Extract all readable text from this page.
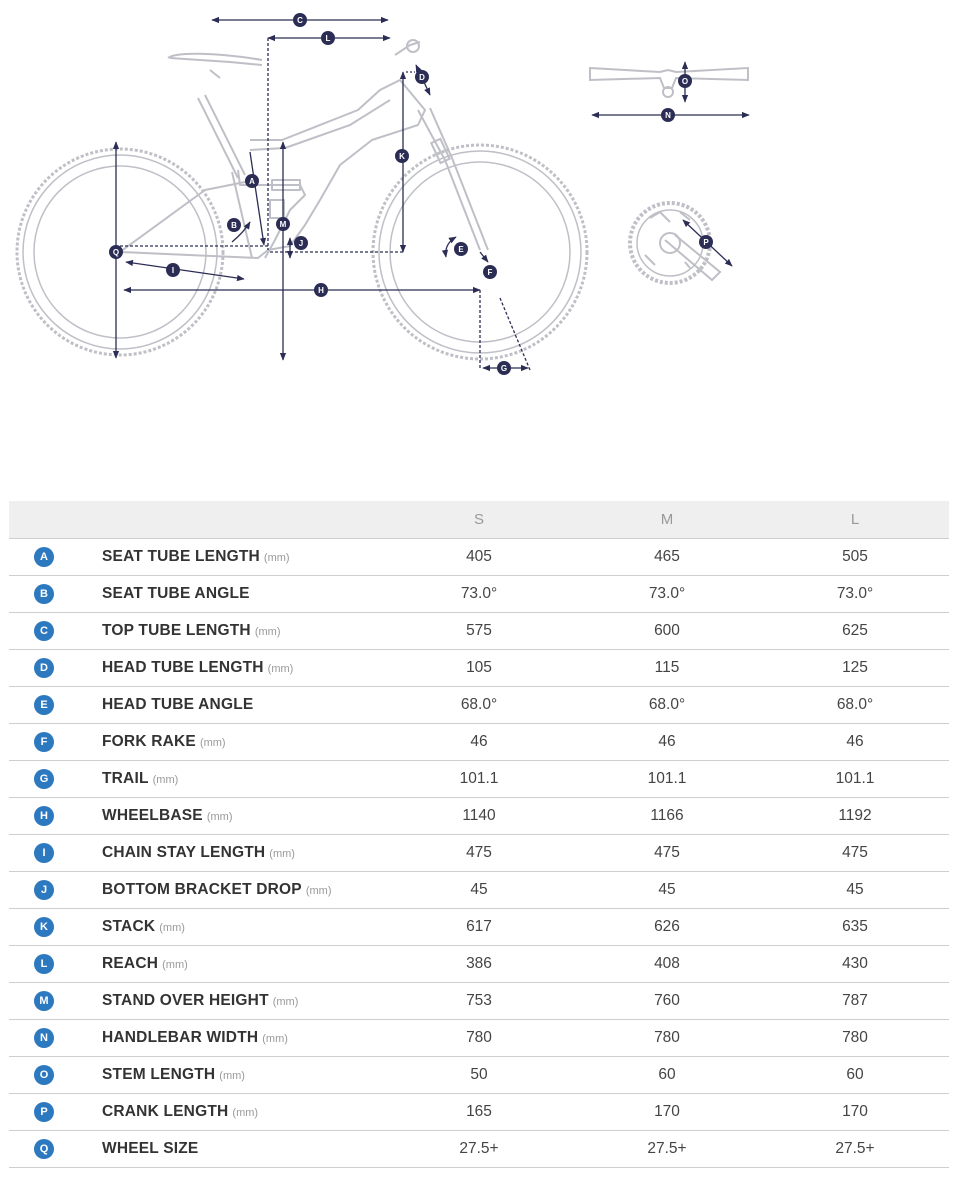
C
L
D
K
A
M
B
J
Q
I
E
F
H
G
O
N
P
		S	M	L
A	SEAT TUBE LENGTH (mm)	405	465	505
B	SEAT TUBE ANGLE	73.0°	73.0°	73.0°
C	TOP TUBE LENGTH (mm)	575	600	625
D	HEAD TUBE LENGTH (mm)	105	115	125
E	HEAD TUBE ANGLE	68.0°	68.0°	68.0°
F	FORK RAKE (mm)	46	46	46
G	TRAIL (mm)	101.1	101.1	101.1
H	WHEELBASE (mm)	1140	1166	1192
I	CHAIN STAY LENGTH (mm)	475	475	475
J	BOTTOM BRACKET DROP (mm)	45	45	45
K	STACK (mm)	617	626	635
L	REACH (mm)	386	408	430
M	STAND OVER HEIGHT (mm)	753	760	787
N	HANDLEBAR WIDTH (mm)	780	780	780
O	STEM LENGTH (mm)	50	60	60
P	CRANK LENGTH (mm)	165	170	170
Q	WHEEL SIZE	27.5+	27.5+	27.5+
